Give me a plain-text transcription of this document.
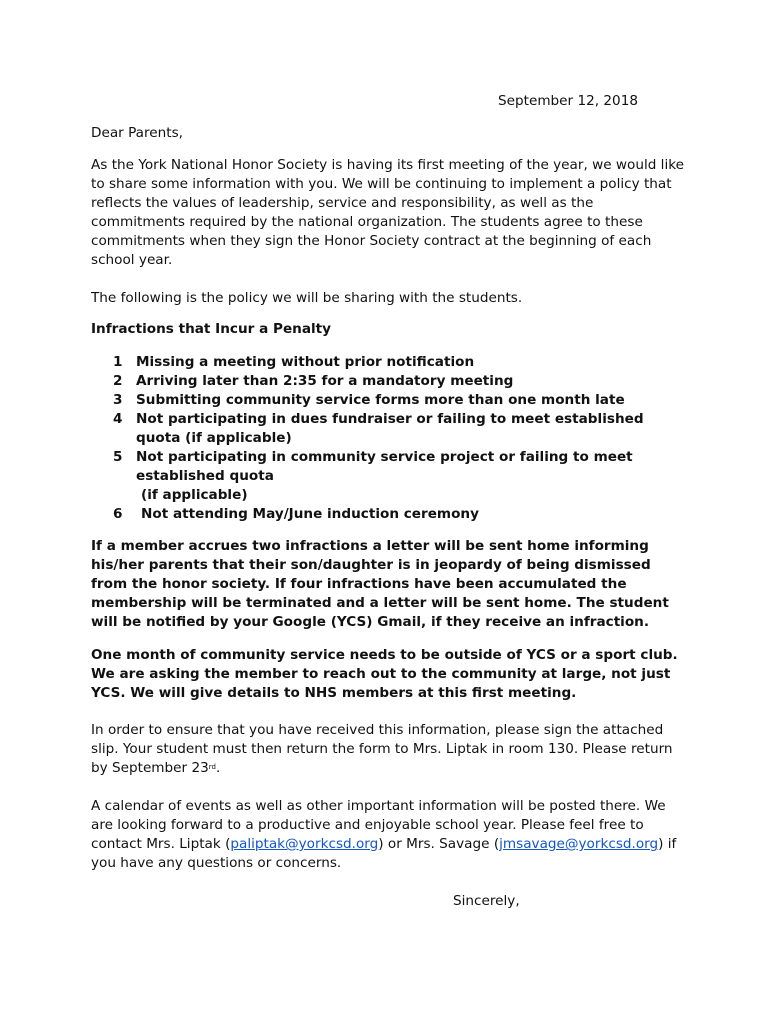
September 12, 2018

Dear Parents,

As the York National Honor Society is having its first meeting of the year, we would like to share some information with you. We will be continuing to implement a policy that reflects the values of leadership, service and responsibility, as well as the commitments required by the national organization. The students agree to these commitments when they sign the Honor Society contract at the beginning of each school year.

The following is the policy we will be sharing with the students.

Infractions that Incur a Penalty

1 Missing a meeting without prior notification
2 Arriving later than 2:35 for a mandatory meeting
3 Submitting community service forms more than one month late
4 Not participating in dues fundraiser or failing to meet established
quota (if applicable)
5 Not participating in community service project or failing to meet
established quota
(if applicable)
6 Not attending May/June induction ceremony

If a member accrues two infractions a letter will be sent home informing his/her parents that their son/daughter is in jeopardy of being dismissed from the honor society. If four infractions have been accumulated the membership will be terminated and a letter will be sent home. The student will be notified by your Google (YCS) Gmail, if they receive an infraction.

One month of community service needs to be outside of YCS or a sport club. We are asking the member to reach out to the community at large, not just YCS. We will give details to NHS members at this first meeting.

In order to ensure that you have received this information, please sign the attached slip. Your student must then return the form to Mrs. Liptak in room 130. Please return by September 23rd.

A calendar of events as well as other important information will be posted there. We are looking forward to a productive and enjoyable school year. Please feel free to contact Mrs. Liptak (paliptak@yorkcsd.org) or Mrs. Savage (jmsavage@yorkcsd.org) if you have any questions or concerns.

Sincerely,
